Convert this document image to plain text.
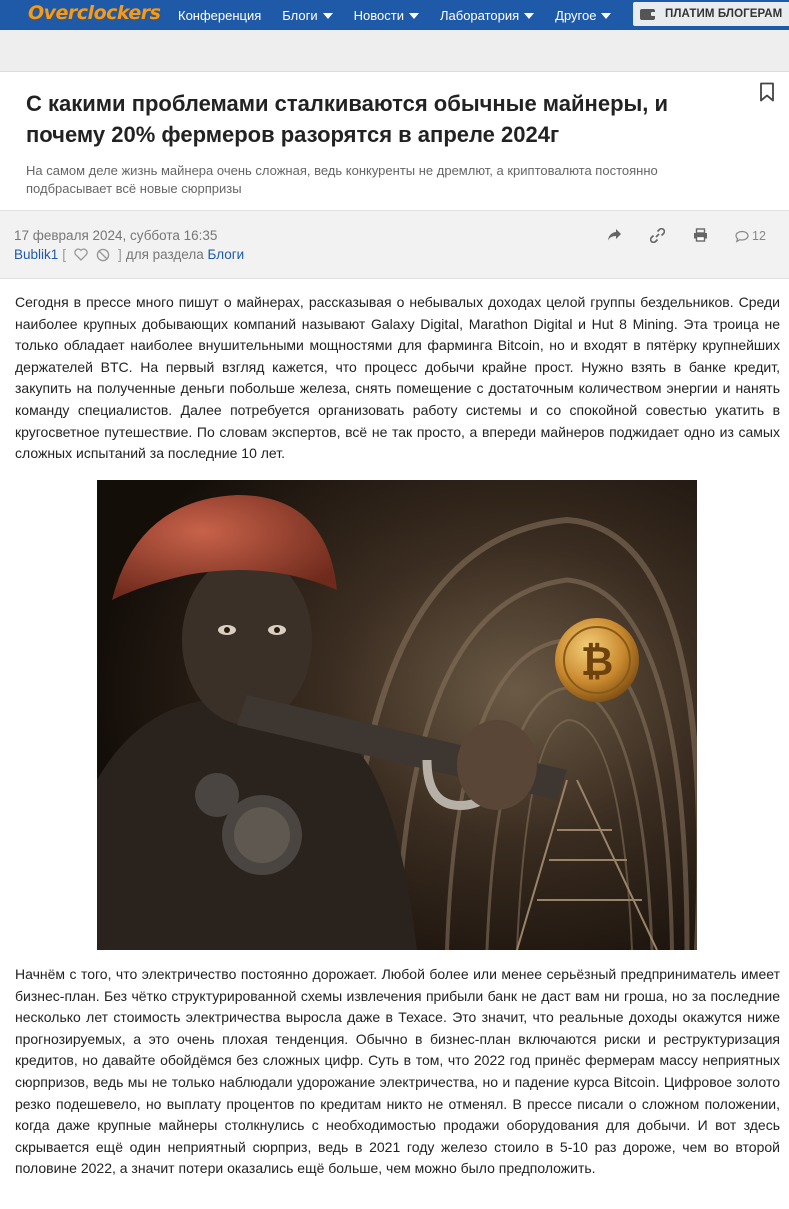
Overclockers Конференция Блоги	Новости	Лаборатория	Другое	ПЛАТИМ БЛОГЕРАМ
С какими проблемами сталкиваются обычные майнеры, и почему 20% фермеров разорятся в апреле 2024г

На самом деле жизнь майнера очень сложная, ведь конкуренты не дремлют, а криптовалюта постоянно подбрасывает всё новые сюрпризы

17 февраля 2024, суббота 16:35
Bublik1 [	] для раздела
Блоги
12

Сегодня в прессе много пишут о майнерах, рассказывая о небывалых доходах целой группы бездельников. Среди наиболее крупных добывающих компаний называют Galaxy Digital, Marathon Digital и Hut 8 Mining. Эта троица не только обладает наиболее внушительными мощностями для фарминга Bitcoin, но и входят в пятёрку крупнейших держателей BTC. На первый взгляд кажется, что процесс добычи крайне прост. Нужно взять в банке кредит, закупить на полученные деньги побольше железа, снять помещение с достаточным количеством энергии и нанять команду специалистов. Далее потребуется организовать работу системы и со спокойной совестью укатить в кругосветное путешествие. По словам экспертов, всё не так просто, а впереди майнеров поджидает одно из самых сложных испытаний за последние 10 лет.

₿

Начнём с того, что электричество постоянно дорожает. Любой более или менее серьёзный предприниматель имеет бизнес-план. Без чётко структурированной схемы извлечения прибыли банк не даст вам ни гроша, но за последние несколько лет стоимость электричества выросла даже в Техасе. Это значит, что реальные доходы окажутся ниже прогнозируемых, а это очень плохая тенденция. Обычно в бизнес-план включаются риски и реструктуризация кредитов, но давайте обойдёмся без сложных цифр. Суть в том, что 2022 год принёс фермерам массу неприятных сюрпризов, ведь мы не только наблюдали удорожание электричества, но и падение курса Bitcoin. Цифровое золото резко подешевело, но выплату процентов по кредитам никто не отменял. В прессе писали о сложном положении, когда даже крупные майнеры столкнулись с необходимостью продажи оборудования для добычи. И вот здесь скрывается ещё один неприятный сюрприз, ведь в 2021 году железо стоило в 5-10 раз дороже, чем во второй половине 2022, а значит потери оказались ещё больше, чем можно было предположить.
